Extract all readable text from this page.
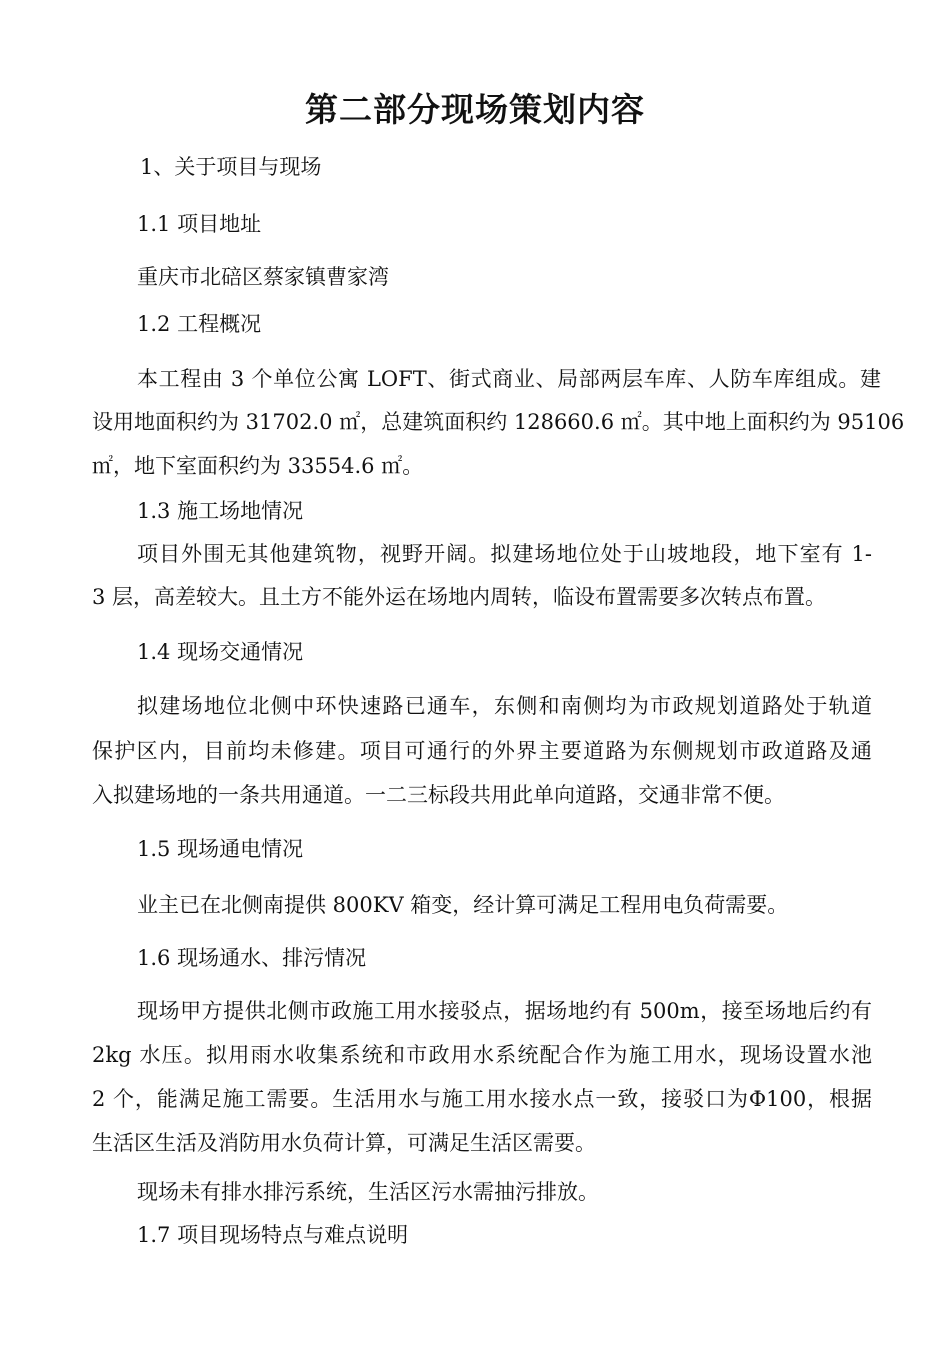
第二部分现场策划内容

1、关于项目与现场

1.1 项目地址

重庆市北碚区蔡家镇曹家湾

1.2 工程概况

本工程由 3 个单位公寓 LOFT、街式商业、局部两层车库、人防车库组成。建

设用地面积约为 31702.0 ㎡，总建筑面积约 128660.6 ㎡。其中地上面积约为 95106

㎡，地下室面积约为 33554.6 ㎡。

1.3 施工场地情况

项目外围无其他建筑物，视野开阔。拟建场地位处于山坡地段，地下室有 1-

3 层，高差较大。且土方不能外运在场地内周转，临设布置需要多次转点布置。

1.4 现场交通情况

拟建场地位北侧中环快速路已通车，东侧和南侧均为市政规划道路处于轨道

保护区内，目前均未修建。项目可通行的外界主要道路为东侧规划市政道路及通

入拟建场地的一条共用通道。一二三标段共用此单向道路，交通非常不便。

1.5 现场通电情况

业主已在北侧南提供 800KV 箱变，经计算可满足工程用电负荷需要。

1.6 现场通水、排污情况

现场甲方提供北侧市政施工用水接驳点，据场地约有 500m，接至场地后约有

2kg 水压。拟用雨水收集系统和市政用水系统配合作为施工用水，现场设置水池

2 个，能满足施工需要。生活用水与施工用水接水点一致，接驳口为Φ100，根据

生活区生活及消防用水负荷计算，可满足生活区需要。

现场未有排水排污系统，生活区污水需抽污排放。

1.7 项目现场特点与难点说明
